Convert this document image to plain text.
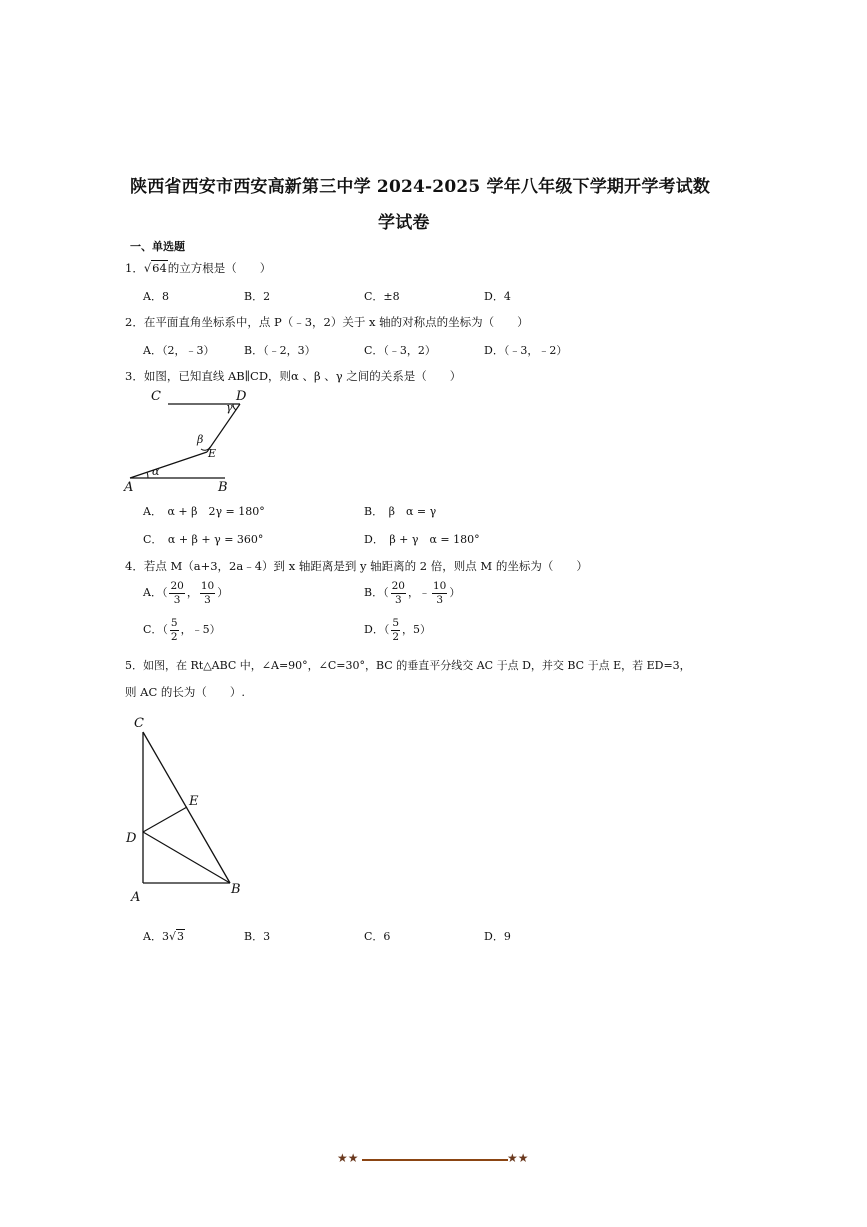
陕西省西安市西安高新第三中学 2024-2025 学年八年级下学期开学考试数
学试卷
一、单选题
1．√64的立方根是（　　）
A．8	B．2	C．±8	D．4
2．在平面直角坐标系中，点 P（﹣3，2）关于 x 轴的对称点的坐标为（　　）
A．（2，﹣3）	B．（﹣2，3）	C．（﹣3，2）	D．（﹣3，﹣2）
3．如图，已知直线 AB∥CD，则α 、β 、γ 之间的关系是（　　）
C	D
γ
β
E
α
A	B
A．　α + β　2γ = 180°	B．　β　α = γ
C．　α + β + γ = 360°	D．　β + γ　α = 180°
4．若点 M（a+3，2a﹣4）到 x 轴距离是到 y 轴距离的 2 倍，则点 M 的坐标为（　　）
A．（ $\frac{20}{3}$ ， $\frac{10}{3}$ ）	B．（ $\frac{20}{3}$ ，﹣ $\frac{10}{3}$ ）
C．（ $\frac{5}{2}$ ，﹣5）	D．（ $\frac{5}{2}$ ，5）
5．如图，在 Rt△ABC 中，∠A=90°，∠C=30°，BC 的垂直平分线交 AC 于点 D，并交 BC 于点 E，若 ED=3，
则 AC 的长为（　　）.
C
E
D
A
B
A．3√3	B．3	C．6	D．9
★★	★★
